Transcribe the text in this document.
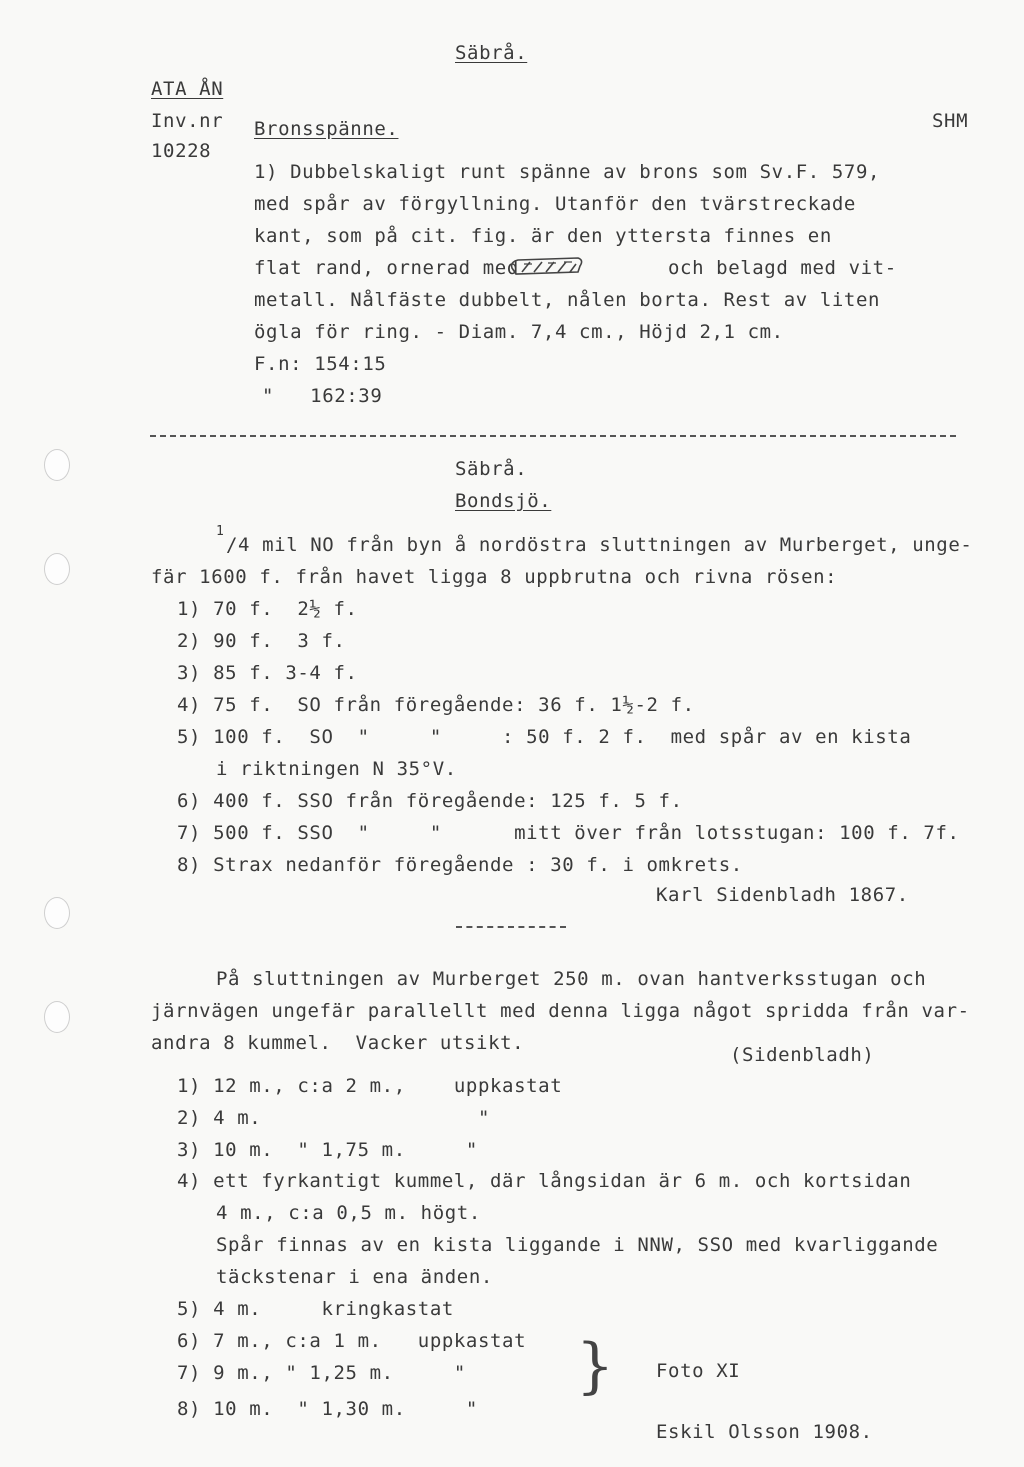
Säbrå.
ATA ÅN
Inv.nr
10228
SHM
Bronsspänne.
1) Dubbelskaligt runt spänne av brons som Sv.F. 579,
med spår av förgyllning. Utanför den tvärstreckade
kant, som på cit. fig. är den yttersta finnes en
flat rand, ornerad med	och belagd med vit-
metall. Nålfäste dubbelt, nålen borta. Rest av liten
ögla för ring. - Diam. 7,4 cm., Höjd 2,1 cm.
F.n: 154:15
"   162:39
Säbrå.
Bondsjö.
1
/4 mil NO från byn å nordöstra sluttningen av Murberget, unge-
fär 1600 f. från havet ligga 8 uppbrutna och rivna rösen:
1) 70 f.  2½ f.
2) 90 f.  3 f.
3) 85 f. 3-4 f.
4) 75 f.  SO från föregående: 36 f. 1½-2 f.
5) 100 f.  SO  "     "     : 50 f. 2 f.  med spår av en kista
i riktningen N 35°V.
6) 400 f. SSO från föregående: 125 f. 5 f.
7) 500 f. SSO  "     "      mitt över från lotsstugan: 100 f. 7f.
8) Strax nedanför föregående : 30 f. i omkrets.
Karl Sidenbladh 1867.
På sluttningen av Murberget 250 m. ovan hantverksstugan och
järnvägen ungefär parallellt med denna ligga något spridda från var-
andra 8 kummel.  Vacker utsikt.
(Sidenbladh)
1) 12 m., c:a 2 m.,    uppkastat
2) 4 m.                  "
3) 10 m.  " 1,75 m.     "
4) ett fyrkantigt kummel, där långsidan är 6 m. och kortsidan
4 m., c:a 0,5 m. högt.
Spår finnas av en kista liggande i NNW, SSO med kvarliggande
täckstenar i ena änden.
5) 4 m.     kringkastat
6) 7 m., c:a 1 m.   uppkastat
7) 9 m., " 1,25 m.     "
8) 10 m.  " 1,30 m.     "
} Foto XI
Eskil Olsson 1908.
